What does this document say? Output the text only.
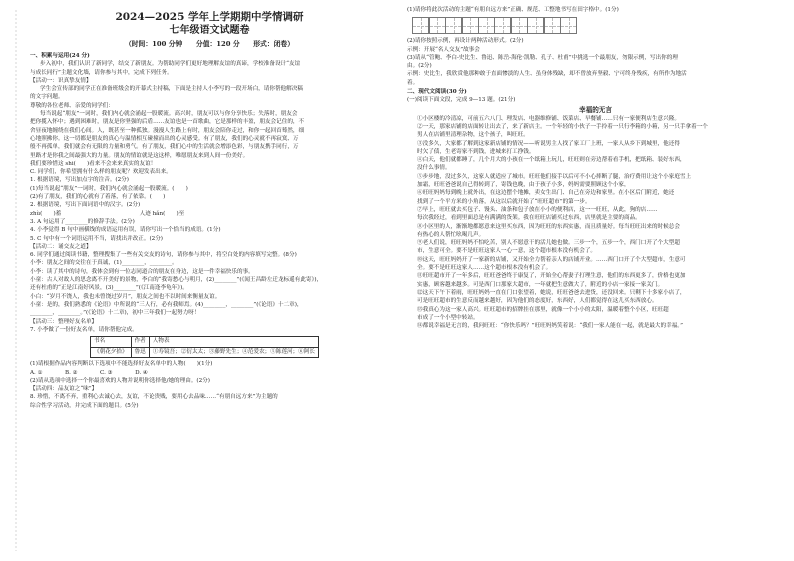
2024—2025 学年上学期期中学情调研
七年级语文试题卷
（时间：100 分钟　　分值：120 分　　形式：闭卷）
一、积累与运用(24 分)
步入初中，我们认识了新同学，结交了新朋友。为帮助同学们更好地理解友谊的真谛，学校准备设计“友谊
与成长同行”主题文化墙，请你参与其中，完成下列任务。
【活动一：识真挚友情】
学生会宣传部的同学正在准备班级会的开幕式主持稿，下面是主持人小李写的一段开场白，请你帮他解决稿
的文字问题。
尊敬的各位老师、亲爱的同学们：
每当说起“朋友”一词时，我们内心就会涌起一股暖流。高兴时，朋友可以与你分享快乐；失落时，朋友会
把你揽入怀中；遇到困难时，朋友是你坚强的后盾……友谊也是一首歌曲，它是那样的丰盈，朋友会记住的，不
舍昼夜地缠绕在我们心间。人，既甚至一种孤独。漫漫人生路上有时，朋友会陪你走过，和你一起回首蓦然，细
心地照拂你。这一切都是朋友的真心与温情相互碰撞而出的心灵感受。有了朋友，我们的心灵就不再寂寞、万
般不再孤单，我们就会有无限的力量和勇气。有了朋友，我们心中的生活就会增添色彩，与朋友携手同行，万
里路才是你我之间最强大的力量。朋友的情谊就是这这样，唯愿朋友来到人间一份美好。
我们要珍惜这 shi(　　)看来不会来来真实的友谊！
C. 同学们，你希望拥有什么样的朋友呢？欢迎发表出来。
1. 根据语境，写出加点字的注音。(2分)
(1)每当说起“朋友”一词时，我们内心就会涌起一股暖流。(　　)
(2)有了朋友，我们的心就有了着落，有了依靠。(　　)
2. 根据语境，写出下面词语中的汉字。(2分)
zhù(　　)蓄　　　　　　　　　　　　　　人迹 hǎn(　　)至
3. A 句运用了________的修辞手法。(2分)
4. 小李觉得 B 句中画横线的成语运用有误，请你写出一个恰当的成语。(1分)
5. C 句中有一个词语运用不当，请找出并改正。(2分)
【活动二：诵交友之道】
6. 同学们通过阅读书籍，整理搜集了一些有关交友的诗句，请你参与其中，将空白处的内容填写完整。(8分)
小李：朋友之间的交往在于真诚，(1)________，________。
小李：读了其中的诗句，我体会到有一位志同道合的朋友在身边，这是一件幸福快乐的事。
小童：古人对故人的思念离不开美好的景物，李白的“我寄愁心与明月，(2)________”(《闻王昌龄左迁龙标遥有此寄》)，
还有杜甫的“正是江南好风景，(3)________”(《江南逢李龟年》)。
小白：“岁月不饶人，我也未曾饶过岁月”，朋友之间也不以时间来衡量友谊。
小童：是的，我们熟悉的《论语》中所说的“三人行，必有我师焉。(4)________，________”(《论语》十二章)，
________，________。”(《论语》十二章)，初中三年我们一起努力呀！
【活动三：整理好友名单】
7. 小李做了一份好友名单，请你帮他完成。
书名	作者	人物表
《朝花夕拾》	鲁迅	①寿镜吾；②衍太太；③藤野先生；④范爱农；⑤陈莲河；⑥阿长
(1)请根据作品内容判断以下选项中不能选择好友名单中的人物(　　)(1分)
A. ①　　　　B. ②　　　　C. ③　　　　D. ④
(2)请从选项中选择一个你最喜欢的人物并说明你选择他/她的理由。(2分)
【活动四：品友谊之“味”】
8. 珍惜，不离不弃，重利心去诚心去，友谊，不论贵贱，要用心去品味……“有朋自远方来”为主题的
综合性学习活动，并完成下面的题目。(5分)
(1)请你将此次活动的主题“有朋自远方来”正确、规范、工整地书写在田字格中。(1分)
(2)请你按照示例，再设计两种活动形式。(2分)
示例：开展“名人交友”故事会
(3)请从“管鲍、李白-史比生、鲁迅、陈岳-海伦·凯勒、孔子、杜甫”中挑选一个最朋友，勿限示例，写出你的理
由。(2分)
示例：史比生，我欣赏他那种敢于直面惨淡的人生、虽身体残缺，却不曾放弃坚毅、宁可终身残疾，有所作为地活
着。
二、现代文阅读(30 分)
(一)阅读下面文段，完成 9—13 题。(21分)
幸福的无言
①小区楼的冷清凉，可前五六八门、理发店、电器维修铺、饭菜店、早餐铺……只有一家便利店生意兴隆。
②一天，那家店铺的店面转让出去了，来了新店主。一个年轻的小伙子一手拎着一只行李箱的小箱，另一只手拿着一个
男人在店铺里清理杂物，这个孩子，叫旺旺。
③没多久，大家都了解到这家新店铺的情况——听说男主人找了家工厂上班，一家人从乡下到城里，他还得
时欠了债，生老寄家不到钱，进城来打工挣钱。
④白天，他们就都睡了，几个月大的小孩在一个纸箱上玩儿，旺旺则在旁边帮着看手机，把纸箱、装好东西，
没什么事情。
⑤步步地，没过多久，这家人就适应了城市。旺旺他们接手以后可不小心摔断了腿，治疗费用让这个小家庭雪上
加霜，旺旺爸爸说自己得转到了，寄钱也晚，由于孩子小多，妈妈需要照顾这个小家，
⑥旺旺妈妈每到晚上就外出，在这边摆个地摊，卖女生出门、自己在旁边和家里。在小区后门附近，她还
找到了一个平方米的小角落，从这以后就开始了“旺旺超市”的第一步。
⑦早上，旺旺就去买包子、馒头、油条和包子放在小小的便利店，这一一旺旺，从此，狗的店……
每次我经过，看到里面总是有满满的货架。我在旺旺店铺买过东西，店里就是主要的商品。
⑧小区里的人，渐渐地都愿意来这里买东西，因为旺旺的东西实惠，而且质量好。每当旺旺出来的时候总会
有热心的人帮忙吆喝几声。
⑨老人们说，旺旺妈妈不怕吃苦，别人不愿意干的活儿她也做。三步一个，五步一个，西门口开了个大型超
市，生意可全。要不是旺旺这家人一心一意，这个超市根本没有机会了。
⑩这天，旺旺妈妈开了一家新的店铺，又开始全力帮着亲人的店铺开业。……西门口开了个大型超市，生意可
全。要不是旺旺这家人……这个超市根本没有机会了。
⑪旺旺超市开了一年多后，旺旺爸爸终于康复了，开始全心帮妻子打理生意，他们的东西更多了，价格也更加
实惠，顾客越来越多。可是西门口那家大超市，一年就把生意做大了，附近的小店一家接一家关门。
⑫这天下午下着雨，旺旺妈妈一直在门口张望着，她说，旺旺爸爸去进货，还没回来。只剩下十多家小店了，
可是旺旺超市的生意反而越来越好，因为他们的态度好，东西好，人们都觉得在这儿买东西放心。
⑬我真心为这一家人高兴。旺旺超市的招牌挂在那里，就像一个小小的太阳，温暖着整个小区，旺旺超
市成了一个小型中转站。
⑭都说幸福是无言的，我问旺旺：“你快乐吗？”旺旺妈妈笑着说：“我们一家人能在一起，就是最大的幸福。”
